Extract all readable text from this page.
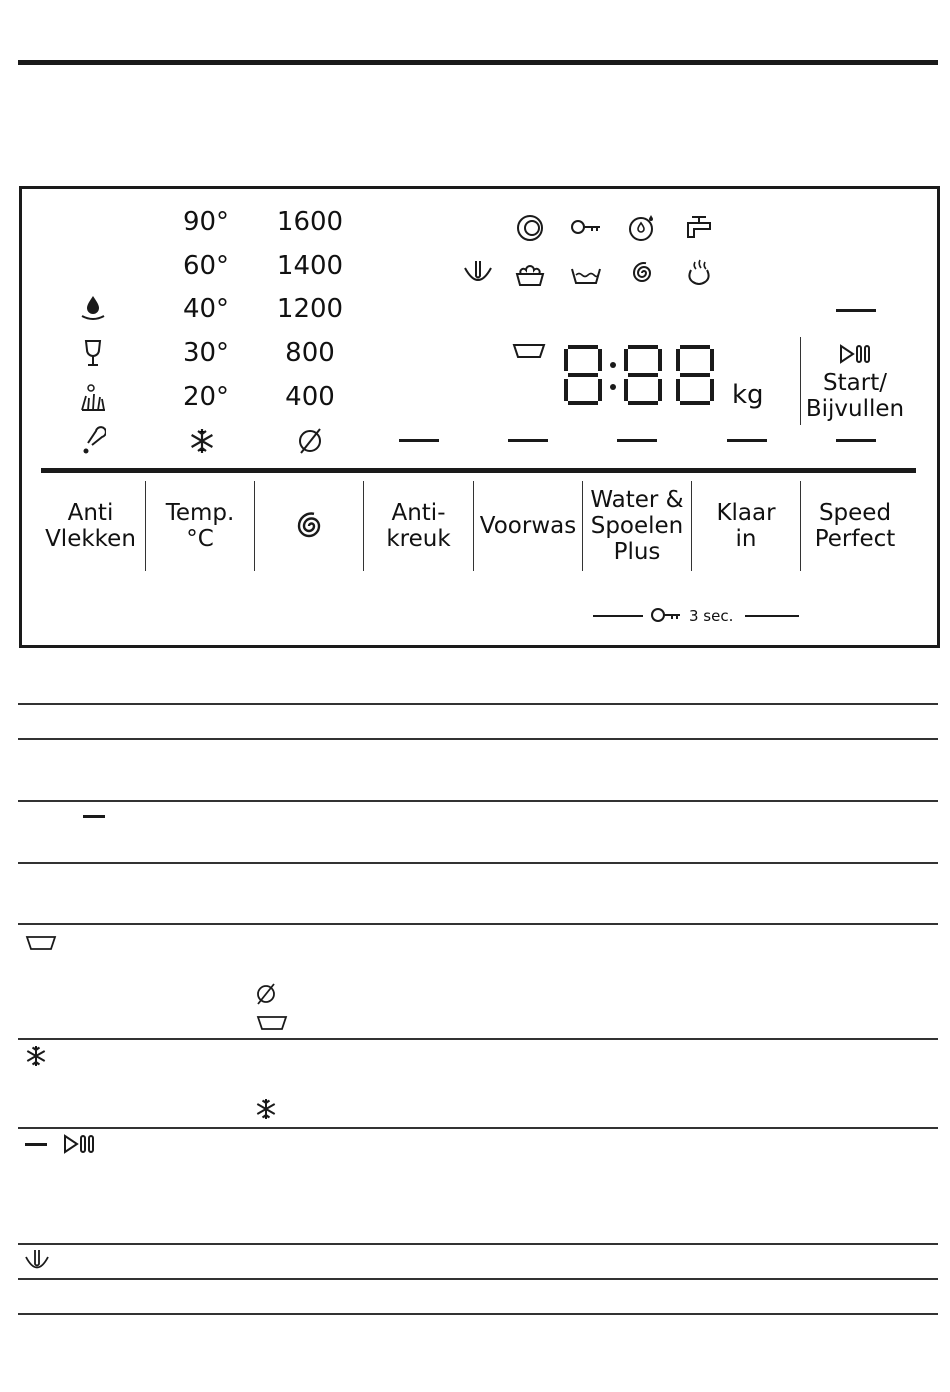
90°
60°
40°
30°
20°
1600
1400
1200
800
400	kg	Start/
Bijvullen
Anti
Vlekken
Temp.
°C
Anti-
kreuk Voorwas
Water &
Spoelen
Plus
Klaar
in
Speed
Perfect
3 sec.
